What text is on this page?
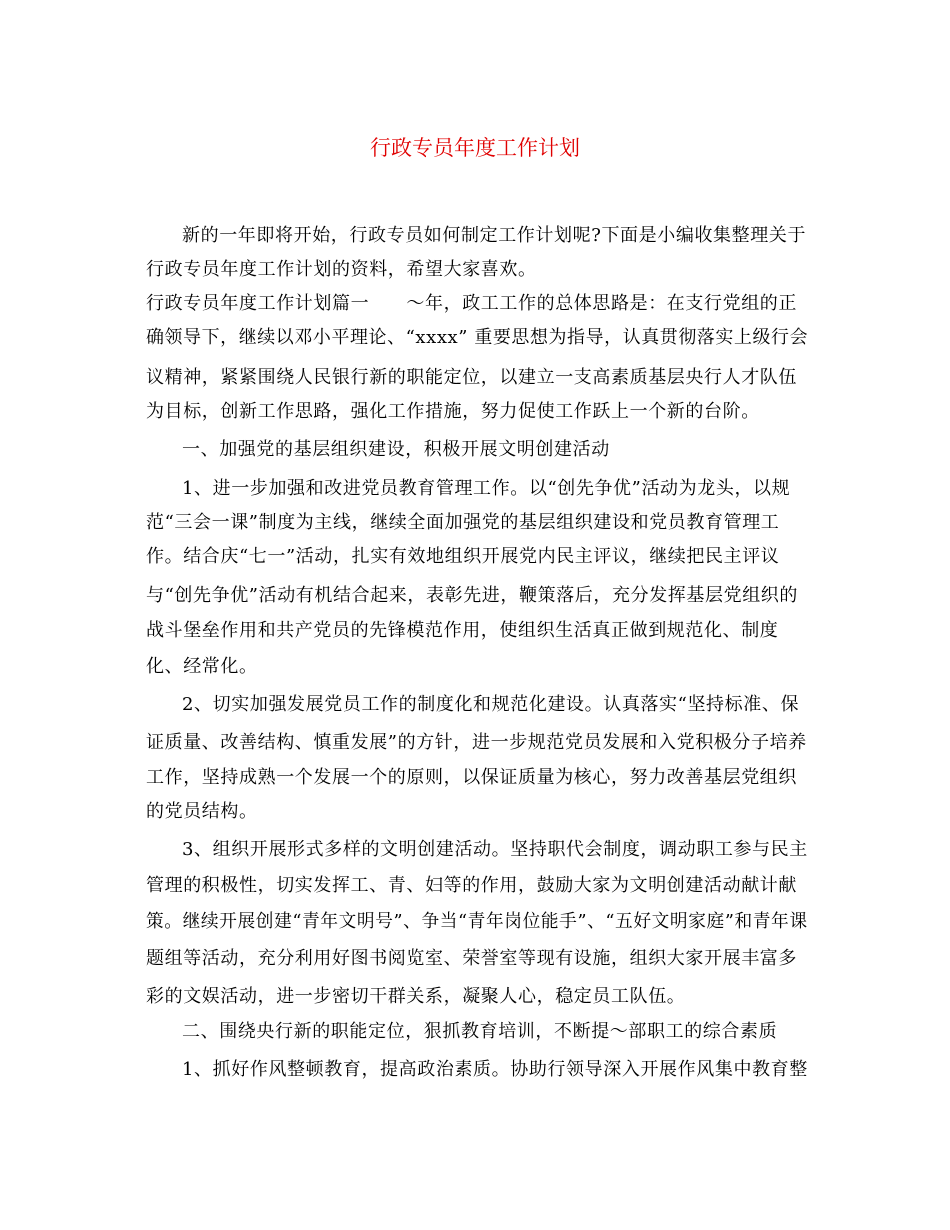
行政专员年度工作计划
新的一年即将开始，行政专员如何制定工作计划呢?下面是小编收集整理关于
行政专员年度工作计划的资料，希望大家喜欢。
行政专员年度工作计划篇一　　～年，政工工作的总体思路是：在支行党组的正
确领导下，继续以邓小平理论、“xxxx” 重要思想为指导，认真贯彻落实上级行会
议精神，紧紧围绕人民银行新的职能定位，以建立一支高素质基层央行人才队伍
为目标，创新工作思路，强化工作措施，努力促使工作跃上一个新的台阶。
一、加强党的基层组织建设，积极开展文明创建活动
1、进一步加强和改进党员教育管理工作。以“创先争优”活动为龙头，以规
范“三会一课”制度为主线，继续全面加强党的基层组织建设和党员教育管理工
作。结合庆“七一”活动，扎实有效地组织开展党内民主评议，继续把民主评议
与“创先争优”活动有机结合起来，表彰先进，鞭策落后，充分发挥基层党组织的
战斗堡垒作用和共产党员的先锋模范作用，使组织生活真正做到规范化、制度
化、经常化。
2、切实加强发展党员工作的制度化和规范化建设。认真落实“坚持标准、保
证质量、改善结构、慎重发展”的方针，进一步规范党员发展和入党积极分子培养
工作，坚持成熟一个发展一个的原则，以保证质量为核心，努力改善基层党组织
的党员结构。
3、组织开展形式多样的文明创建活动。坚持职代会制度，调动职工参与民主
管理的积极性，切实发挥工、青、妇等的作用，鼓励大家为文明创建活动献计献
策。继续开展创建“青年文明号”、争当“青年岗位能手”、“五好文明家庭”和青年课
题组等活动，充分利用好图书阅览室、荣誉室等现有设施，组织大家开展丰富多
彩的文娱活动，进一步密切干群关系，凝聚人心，稳定员工队伍。
二、围绕央行新的职能定位，狠抓教育培训，不断提～部职工的综合素质
1、抓好作风整顿教育，提高政治素质。协助行领导深入开展作风集中教育整
